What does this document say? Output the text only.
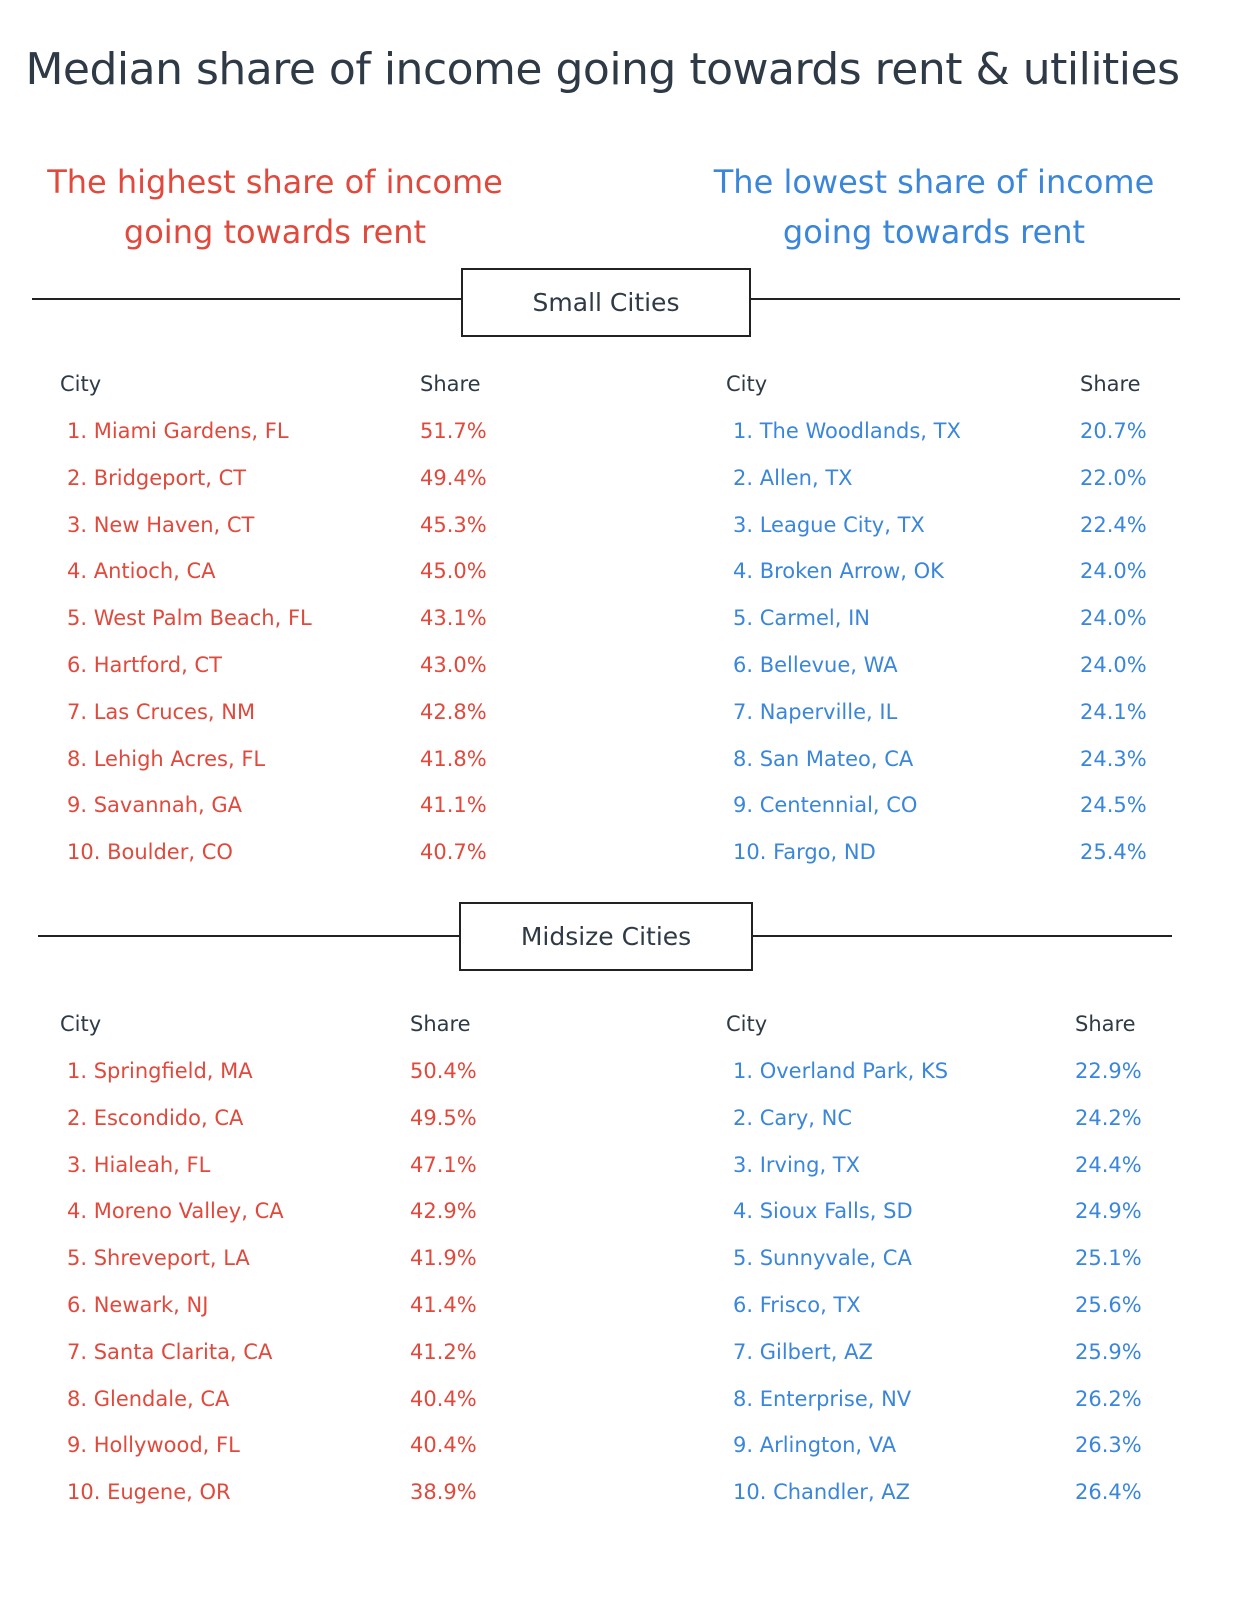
Median share of income going towards rent & utilities
The highest share of income going towards rent
The lowest share of income going towards rent
Small Cities
Midsize Cities
City	Share
1. Miami Gardens, FL	51.7%
2. Bridgeport, CT	49.4%
3. New Haven, CT	45.3%
4. Antioch, CA	45.0%
5. West Palm Beach, FL	43.1%
6. Hartford, CT	43.0%
7. Las Cruces, NM	42.8%
8. Lehigh Acres, FL	41.8%
9. Savannah, GA	41.1%
10. Boulder, CO	40.7%
City	Share
1. The Woodlands, TX	20.7%
2. Allen, TX	22.0%
3. League City, TX	22.4%
4. Broken Arrow, OK	24.0%
5. Carmel, IN	24.0%
6. Bellevue, WA	24.0%
7. Naperville, IL	24.1%
8. San Mateo, CA	24.3%
9. Centennial, CO	24.5%
10. Fargo, ND	25.4%
City	Share
1. Springfield, MA	50.4%
2. Escondido, CA	49.5%
3. Hialeah, FL	47.1%
4. Moreno Valley, CA	42.9%
5. Shreveport, LA	41.9%
6. Newark, NJ	41.4%
7. Santa Clarita, CA	41.2%
8. Glendale, CA	40.4%
9. Hollywood, FL	40.4%
10. Eugene, OR	38.9%
City	Share
1. Overland Park, KS	22.9%
2. Cary, NC	24.2%
3. Irving, TX	24.4%
4. Sioux Falls, SD	24.9%
5. Sunnyvale, CA	25.1%
6. Frisco, TX	25.6%
7. Gilbert, AZ	25.9%
8. Enterprise, NV	26.2%
9. Arlington, VA	26.3%
10. Chandler, AZ	26.4%
